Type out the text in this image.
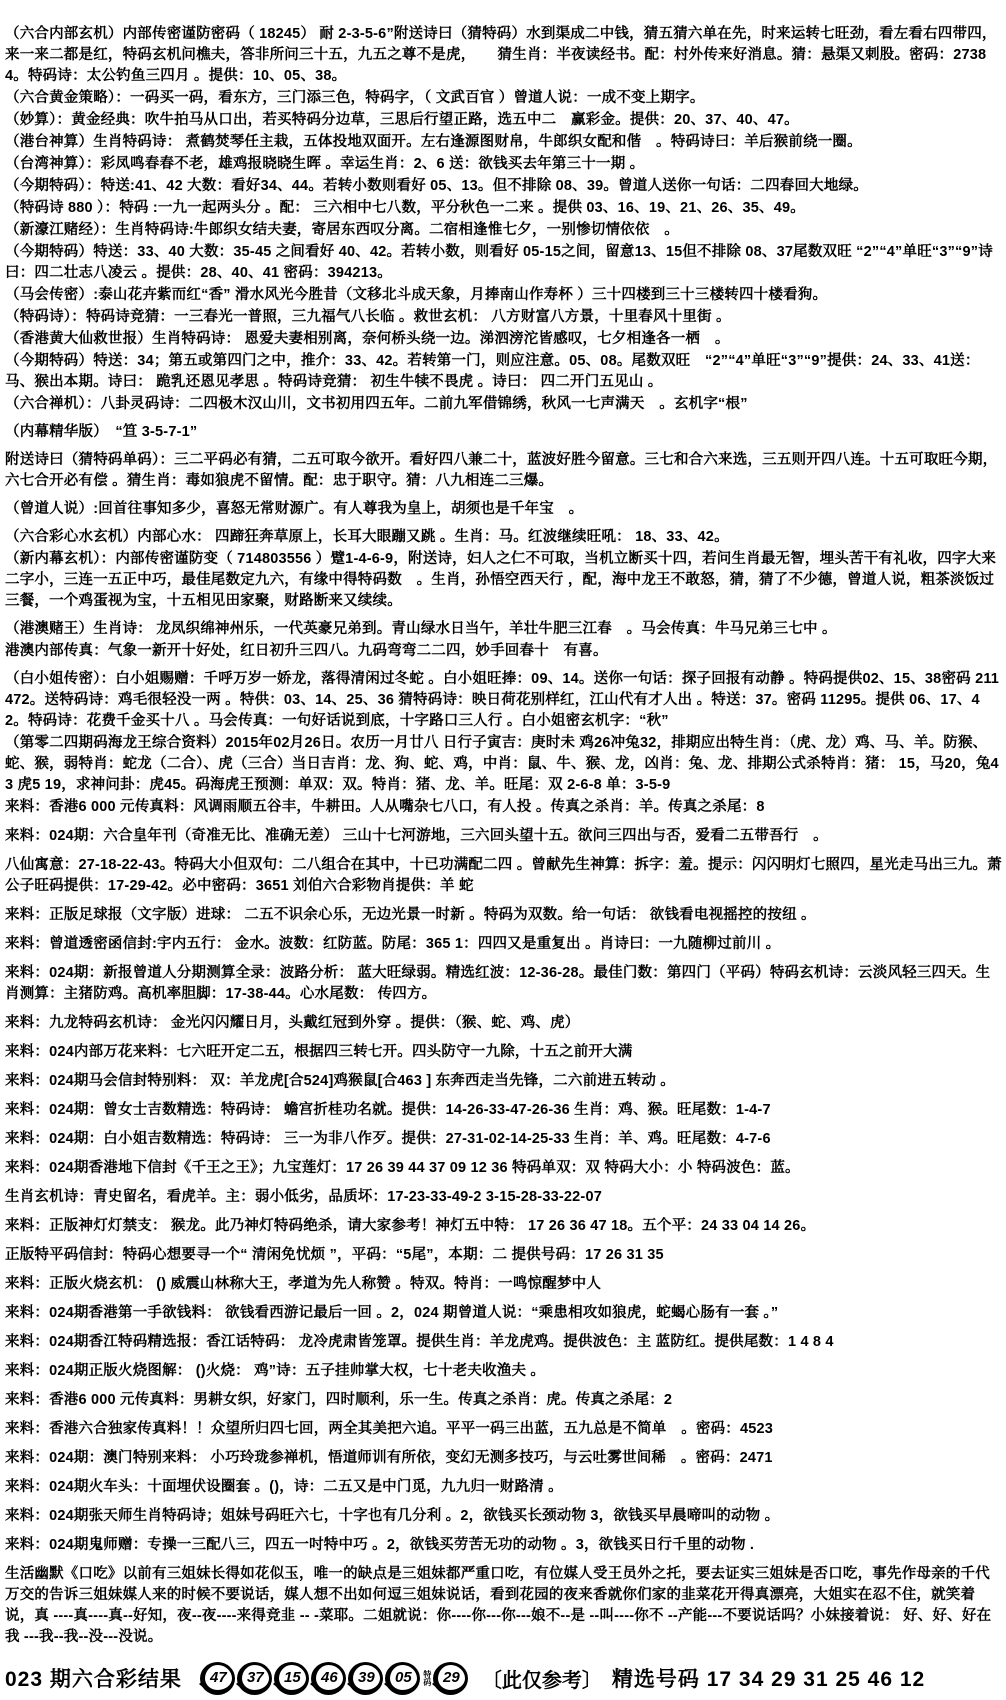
（六合内部玄机）内部传密谨防密码（ 18245） 耐 2-3-5-6”附送诗曰（猜特码）水到渠成二中钱，猜五猜六单在先，时来运转七旺劲，看左看右四带四，来一来二都是红，特码玄机问樵夫，答非所问三十五，九五之尊不是虎，　　猜生肖：半夜读经书。配：村外传来好消息。猜：悬渠又刺股。密码：27384。特码诗：太公钓鱼三四月 。提供：10、05、38。

（六合黄金策略）：一码买一码，看东方，三门添三色，特码字，（ 文武百官 ）曾道人说：一成不变上期字。

（妙算）：黄金经典：吹牛拍马从口出，若买特码分边草，三思后行望正路，选五中二　赢彩金。提供：20、37、40、47。

（港台神算）生肖特码诗： 煮鹤焚琴任主栽，五体投地双面开。左右逢源图财帛，牛郎织女配和偕　。特码诗曰：羊后猴前绕一圈。

（台湾神算）：彩凤鸣春春不老，雄鸡报晓晓生晖 。幸运生肖：2、6 送：欲钱买去年第三十一期 。

（今期特码）：特送:41、42 大数：看好34、44。若转小数则看好 05、13。但不排除 08、39。曾道人送你一句话：二四春回大地绿。

（特码诗 880 ）：特码 :一九一起两头分 。配： 三六相中七八数，平分秋色一二来 。提供 03、16、19、21、26、35、49。

（新濠江赌经）：生肖特码诗:牛郎织女结夫妻，寄居东西叹分离。二宿相逢惟七夕，一别惨切情依依　。

（今期特码）特送：33、40 大数：35-45 之间看好 40、42。若转小数，则看好 05-15之间，留意13、15但不排除 08、37尾数双旺 “2”“4”单旺“3”“9”诗曰：四二壮志八凌云 。提供：28、40、41 密码：394213。

（马会传密）:泰山花卉紫而红“香” 滑水风光今胜昔（文移北斗成天象，月捧南山作寿杯 ）三十四楼到三十三楼转四十楼看狗。

（特码诗）：特码诗竞猜：一三春光一普照，三九福气八长临 。救世玄机： 八方财富八方景，十里春风十里街 。

（香港黄大仙救世报）生肖特码诗： 恩爱夫妻相别离，奈何桥头绕一边。涕泗滂沱皆感叹，七夕相逢各一栖　。

（今期特码）特送：34；第五或第四门之中，推介：33、42。若转第一门，则应注意。05、08。尾数双旺　“2”“4”单旺“3”“9”提供：24、33、41送：马、猴出本期。诗曰： 跪乳还恩见孝思 。特码诗竞猜： 初生牛犊不畏虎 。诗曰： 四二开门五见山 。

（六合禅机）：八卦灵码诗：二四极木汉山川，文书初用四五年。二前九军借锦绣，秋风一七声满天　。玄机字“根”

（内幕精华版）　“笪 3-5-7-1”

附送诗曰（猜特码单码）：三二平码必有猜，二五可取今欲开。看好四八兼二十，蓝波好胜今留意。三七和合六来选，三五则开四八连。十五可取旺今期，六七合开必有偿 。猜生肖：毒如狼虎不留情。配：忠于职守。猜：八九相连二三爆。

（曾道人说）:回首往事知多少，喜怒无常财源广。有人尊我为皇上，胡须也是千年宝　。

（六合彩心水玄机）内部心水： 四蹄狂奔草原上，长耳大眼蹦又跳 。生肖：马。红波继续旺吼： 18、33、42。

（新内幕玄机）：内部传密谨防变（ 714803556 ）躄1-4-6-9，附送诗，妇人之仁不可取，当机立断买十四，若问生肖最无智，埋头苦干有礼收，四字大来二字小，三连一五正中巧，最佳尾数定九六，有缘中得特码数　。生肖，孙悟空西天行 ，配，海中龙王不敢怒，猜，猜了不少德，曾道人说，粗茶淡饭过三餐，一个鸡蛋视为宝，十五相见田家聚，财路断来又续续。

（港澳赌王）生肖诗： 龙凤织绵神州乐，一代英豪兄弟到。青山绿水日当午，羊壮牛肥三江春　。马会传真：牛马兄弟三七中 。

港澳内部传真：气象一新开十好处，红日初升三四八。九码弯弯二二四，妙手回春十　有喜。

（白小姐传密）：白小姐赐赠：千呼万岁一娇龙，落得清闲过冬蛇 。白小姐旺捧：09、14。送你一句话：探子回报有动静 。特码提供02、15、38密码 211472。送特码诗：鸡毛很轻没一两 。特供：03、14、25、36 猜特码诗：映日荷花别样红，江山代有才人出 。特送：37。密码 11295。提供 06、17、42。特码诗：花费千金买十八 。马会传真：一句好话说到底，十字路口三人行 。白小姐密玄机字：“秋”

（第零二四期码海龙王综合资料）2015年02月26日。农历一月廿八 日行子寅吉：庚时未 鸡26冲兔32，排期应出特生肖：（虎、龙）鸡、马、羊。防猴、蛇、猴，弱特肖：蛇龙（二合）、虎（三合）当日吉肖：龙、狗、蛇、鸡，中肖：鼠、牛、猴、龙，凶肖：兔、龙、排期公式杀特肖：猪： 15，马20，兔43 虎5 19，求神问卦：虎45。码海虎王预测：单双：双。特肖：猪、龙、羊。旺尾：双 2-6-8 单：3-5-9

来料：香港6 000 元传真料：风调雨顺五谷丰，牛耕田。人从嘴杂七八口，有人投 。传真之杀肖：羊。传真之杀尾：8

来料：024期：六合皇年刊（奇准无比、准确无差） 三山十七河游地，三六回头望十五。欲问三四出与否，爱看二五带吾行　。

八仙寓意：27-18-22-43。特码大小但双句：二八组合在其中，十已功满配二四 。曾献先生神算：拆字：羞。提示：闪闪明灯七照四，星光走马出三九。萧公子旺码提供：17-29-42。必中密码：3651 刘伯六合彩物肖提供：羊 蛇

来料：正版足球报（文字版）进球： 二五不识余心乐，无边光景一时新 。特码为双数。给一句话： 欲钱看电视摇控的按纽 。

来料：曾道透密函信封:宇内五行： 金水。波数：红防蓝。防尾：365 1：四四又是重复出 。肖诗曰：一九随柳过前川 。

来料：024期：新报曾道人分期测算全录：波路分析： 蓝大旺绿弱。精选红波：12-36-28。最佳门数：第四门（平码）特码玄机诗：云淡风轻三四天。生肖测算：主猪防鸡。高机率胆脚：17-38-44。心水尾数： 传四方。

来料：九龙特码玄机诗： 金光闪闪耀日月，头戴红冠到外穿 。提供：（猴、蛇、鸡、虎）

来料：024内部万花来料：七六旺开定二五，根据四三转七开。四头防守一九除，十五之前开大满

来料：024期马会信封特别料： 双：羊龙虎[合524]鸡猴鼠[合463 ] 东奔西走当先锋，二六前进五转动 。

来料：024期：曾女士吉数精选：特码诗： 蟾宫折桂功名就。提供：14-26-33-47-26-36 生肖：鸡、猴。旺尾数：1-4-7

来料：024期：白小姐吉数精选：特码诗： 三一为非八作歹。提供：27-31-02-14-25-33 生肖：羊、鸡。旺尾数：4-7-6

来料：024期香港地下信封《千王之王》；九宝莲灯：17 26 39 44 37 09 12 36 特码单双：双 特码大小：小 特码波色：蓝。

生肖玄机诗：青史留名，看虎羊。主：弱小低劣，品质坏：17-23-33-49-2 3-15-28-33-22-07

来料：正版神灯灯禁支： 猴龙。此乃神灯特码绝杀，请大家参考！神灯五中特： 17 26 36 47 18。五个平：24 33 04 14 26。

正版特平码信封：特码心想要寻一个“ 清闲免忧烦 ”，平码：“5尾”，本期：二 提供号码：17 26 31 35

来料：正版火烧玄机： () 威震山林称大王，孝道为先人称赞 。特双。特肖：一鸣惊醒梦中人

来料：024期香港第一手欲钱料： 欲钱看西游记最后一回 。2，024 期曾道人说：“乘患相攻如狼虎，蛇蝎心肠有一套 。”

来料：024期香江特码精选报：香江话特码： 龙冷虎肃皆笼罩。提供生肖：羊龙虎鸡。提供波色：主 蓝防红。提供尾数：1 4 8 4

来料：024期正版火烧图解： ()火烧： 鸡”诗：五子挂帅掌大权，七十老夫收渔夫 。

来料：香港6 000 元传真料：男耕女织，好家门，四时顺利，乐一生。传真之杀肖：虎。传真之杀尾：2

来料：香港六合独家传真料！！众望所归四七回，两全其美把六追。平平一码三出蓝，五九总是不简单　。密码：4523

来料：024期：澳门特别来料： 小巧玲珑参禅机，悟道师训有所依，变幻无测多技巧，与云吐雾世间稀　。密码：2471

来料：024期火车头：十面埋伏设圈套 。()，诗：二五又是中门觅，九九归一财路清 。

来料：024期张天师生肖特码诗；姐妹号码旺六七，十字也有几分利 。2，欲钱买长颈动物 3，欲钱买早晨啼叫的动物 。

来料：024期鬼师赠：专操一三配八三，四五一吋特中巧 。2，欲钱买劳苦无功的动物 。3，欲钱买日行千里的动物 .

生活幽默《口吃》以前有三姐妹长得如花似玉，唯一的缺点是三姐妹都严重口吃，有位媒人受王员外之托，要去证实三姐妹是否口吃，事先作母亲的千代万交的告诉三姐妹媒人来的时候不要说话，媒人想不出如何逗三姐妹说话，看到花园的夜来香就你们家的韭菜花开得真漂亮，大姐实在忍不住，就笑着说，真 ----真----真--好知，夜--夜----来得竞韭 -- -菜耶。二姐就说：你----你---你---娘不--是 --叫----你不 --产能---不要说话吗？小妹接着说： 好、好、好在我 ---我--我--没---没说。

023 期六合彩结果	47	37	15	46	39	05	特码 29	〔此仅参考〕 精选号码 17 34 29 31 25 46 12
